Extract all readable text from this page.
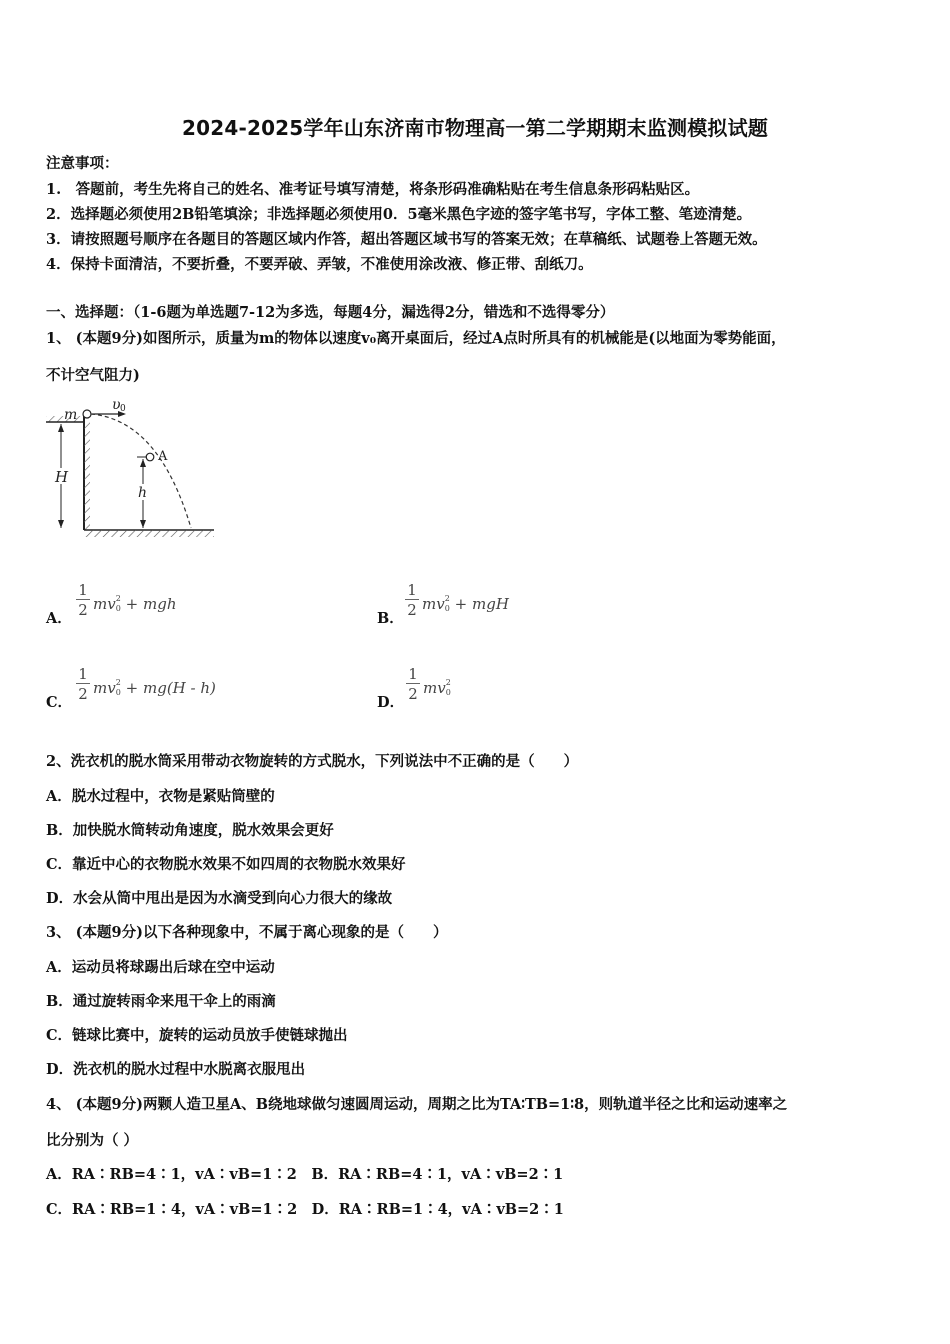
2024-2025学年山东济南市物理高一第二学期期末监测模拟试题
注意事项：
1.　答题前，考生先将自己的姓名、准考证号填写清楚，将条形码准确粘贴在考生信息条形码粘贴区。
2．选择题必须使用2B铅笔填涂；非选择题必须使用0．5毫米黑色字迹的签字笔书写，字体工整、笔迹清楚。
3．请按照题号顺序在各题目的答题区域内作答，超出答题区域书写的答案无效；在草稿纸、试题卷上答题无效。
4．保持卡面清洁，不要折叠，不要弄破、弄皱，不准使用涂改液、修正带、刮纸刀。
一、选择题：（1-6题为单选题7-12为多选，每题4分，漏选得2分，错选和不选得零分）
1、 (本题9分)如图所示，质量为m的物体以速度v₀离开桌面后，经过A点时所具有的机械能是(以地面为零势能面，
不计空气阻力)
H
m
υ 0
A
h
A． $\frac{1}{2} mv^2_0$ + mgh
B． $\frac{1}{2} mv^2_0$ + mgH
C． $\frac{1}{2} mv^2_0 + mg(H - h)$
D． $\frac{1}{2} mv^2_0$
2、洗衣机的脱水筒采用带动衣物旋转的方式脱水，下列说法中不正确的是（　　）
A．脱水过程中，衣物是紧贴筒壁的
B．加快脱水筒转动角速度，脱水效果会更好
C．靠近中心的衣物脱水效果不如四周的衣物脱水效果好
D．水会从筒中甩出是因为水滴受到向心力很大的缘故
3、 (本题9分)以下各种现象中，不属于离心现象的是（　　）
A．运动员将球踢出后球在空中运动
B．通过旋转雨伞来甩干伞上的雨滴
C．链球比赛中，旋转的运动员放手使链球抛出
D．洗衣机的脱水过程中水脱离衣服甩出
4、 (本题9分)两颗人造卫星A、B绕地球做匀速圆周运动，周期之比为TA∶TB=1∶8，则轨道半径之比和运动速率之
比分别为（ ）
A．RA∶RB=4∶1，vA∶vB=1∶2　B．RA∶RB=4∶1，vA∶vB=2∶1
C．RA∶RB=1∶4，vA∶vB=1∶2　D．RA∶RB=1∶4，vA∶vB=2∶1
